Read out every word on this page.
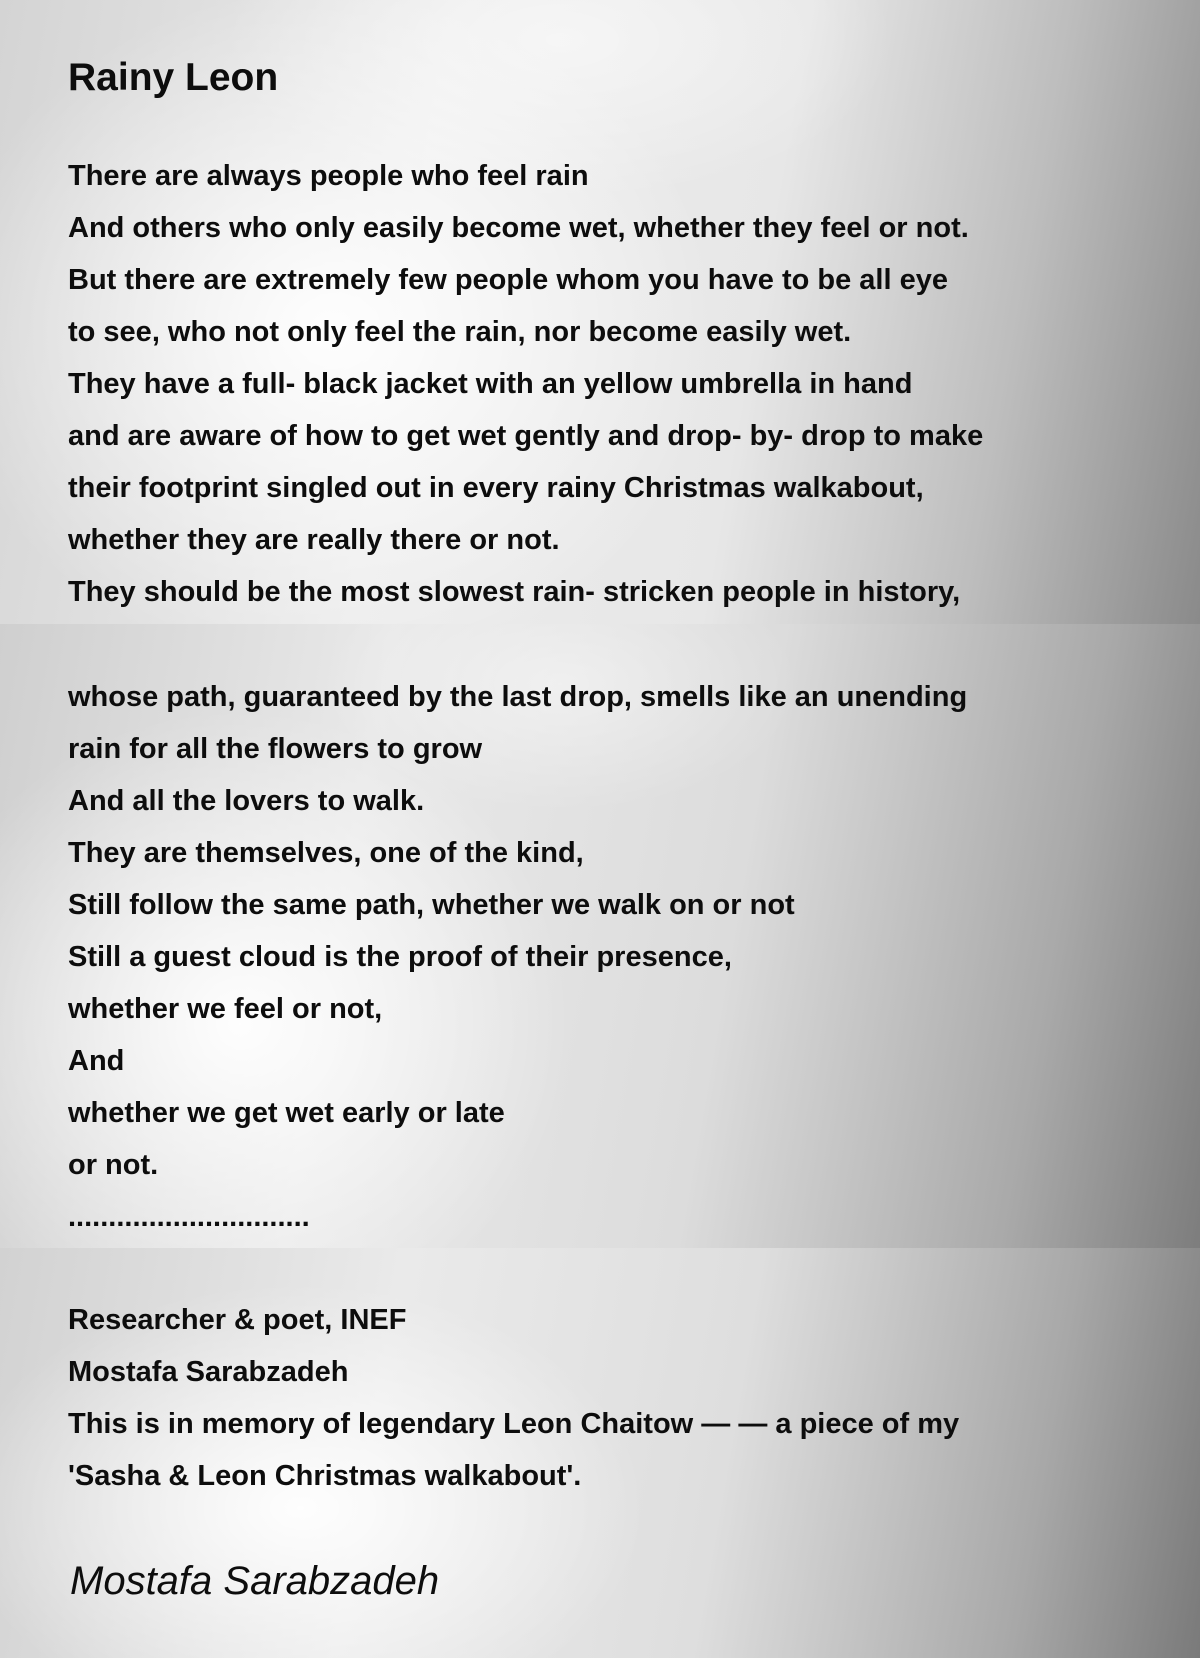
Rainy Leon
There are always people who feel rain
And others who only easily become wet, whether they feel or not.
But there are extremely few people whom you have to be all eye
to see, who not only feel the rain, nor become easily wet.
They have a full- black jacket with an yellow umbrella in hand
and are aware of how to get wet gently and drop- by- drop to make
their footprint singled out in every rainy Christmas walkabout,
whether they are really there or not.
They should be the most slowest rain- stricken people in history,
whose path, guaranteed by the last drop, smells like an unending
rain for all the flowers to grow
And all the lovers to walk.
They are themselves, one of the kind,
Still follow the same path, whether we walk on or not
Still a guest cloud is the proof of their presence,
whether we feel or not,
And
whether we get wet early or late
or not.
..............................
Researcher & poet, INEF
Mostafa Sarabzadeh
This is in memory of legendary Leon Chaitow — — a piece of my
'Sasha & Leon Christmas walkabout'.
Mostafa Sarabzadeh
